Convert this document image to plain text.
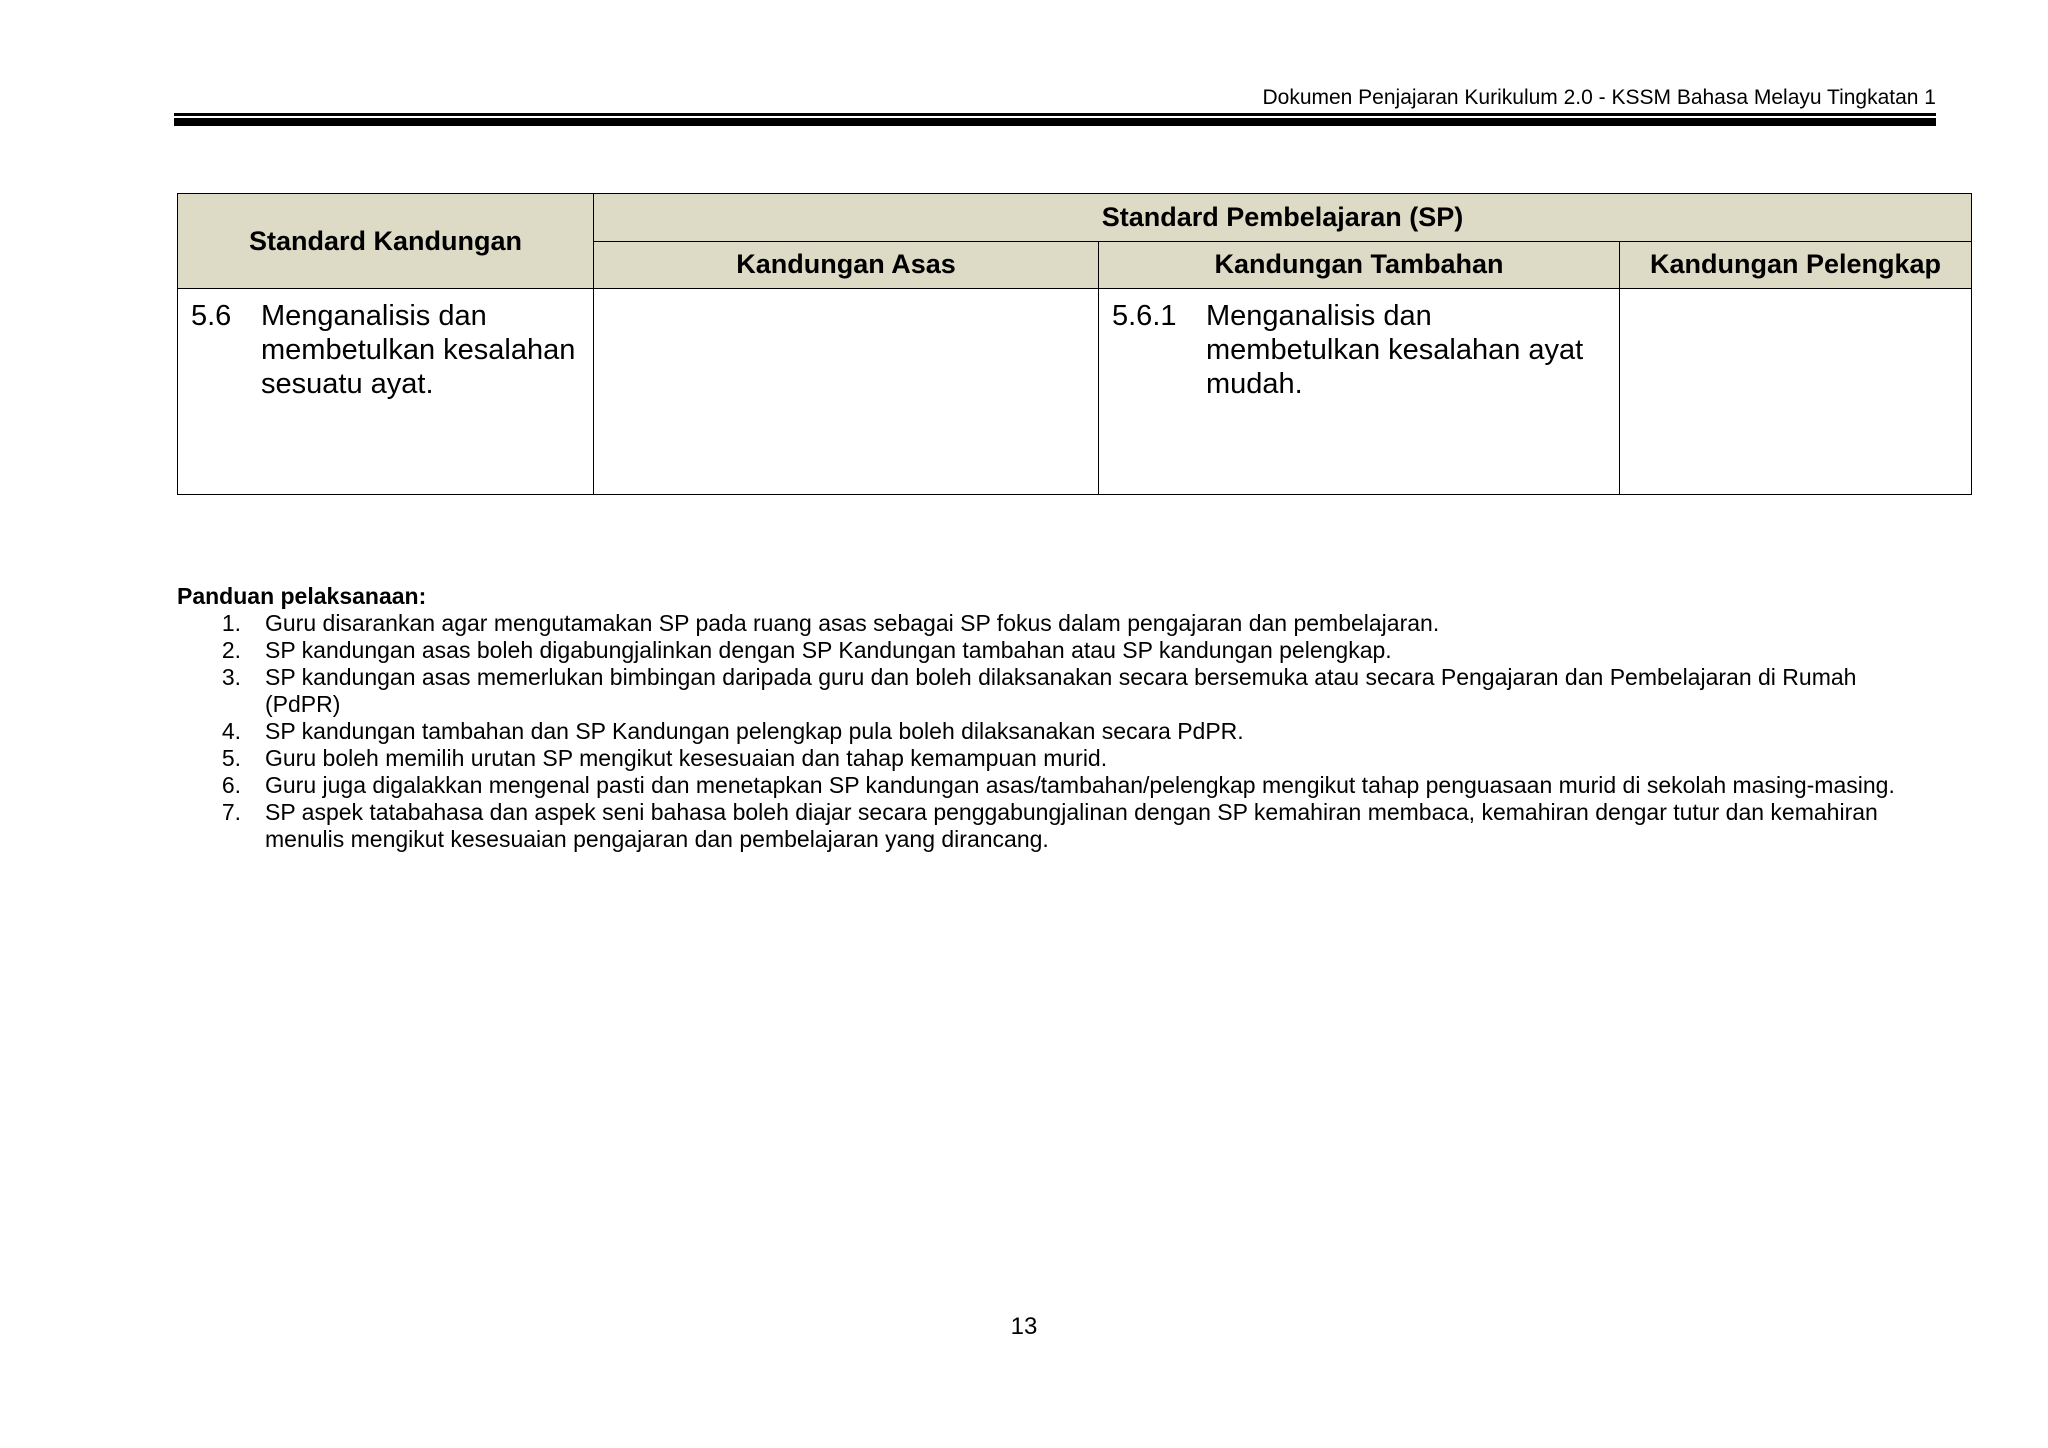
Dokumen Penjajaran Kurikulum 2.0 - KSSM Bahasa Melayu Tingkatan 1
Standard Kandungan	Standard Pembelajaran (SP)		
	Kandungan Asas	Kandungan Tambahan	Kandungan Pelengkap

5.6 Menganalisis dan membetulkan kesalahan sesuatu ayat.		5.6.1 Menganalisis dan membetulkan kesalahan ayat mudah.	

Panduan pelaksanaan:
1.	Guru disarankan agar mengutamakan SP pada ruang asas sebagai SP fokus dalam pengajaran dan pembelajaran.
2.	SP kandungan asas boleh digabungjalinkan dengan SP Kandungan tambahan atau SP kandungan pelengkap.
3.	SP kandungan asas memerlukan bimbingan daripada guru dan boleh dilaksanakan secara bersemuka atau secara Pengajaran dan Pembelajaran di Rumah (PdPR)
4.	SP kandungan tambahan dan SP Kandungan pelengkap pula boleh dilaksanakan secara PdPR.
5.	Guru boleh memilih urutan SP mengikut kesesuaian dan tahap kemampuan murid.
6.	Guru juga digalakkan mengenal pasti dan menetapkan SP kandungan asas/tambahan/pelengkap mengikut tahap penguasaan murid di sekolah masing-masing.
7.	SP aspek tatabahasa dan aspek seni bahasa boleh diajar secara penggabungjalinan dengan SP kemahiran membaca, kemahiran dengar tutur dan kemahiran menulis mengikut kesesuaian pengajaran dan pembelajaran yang dirancang.
13
